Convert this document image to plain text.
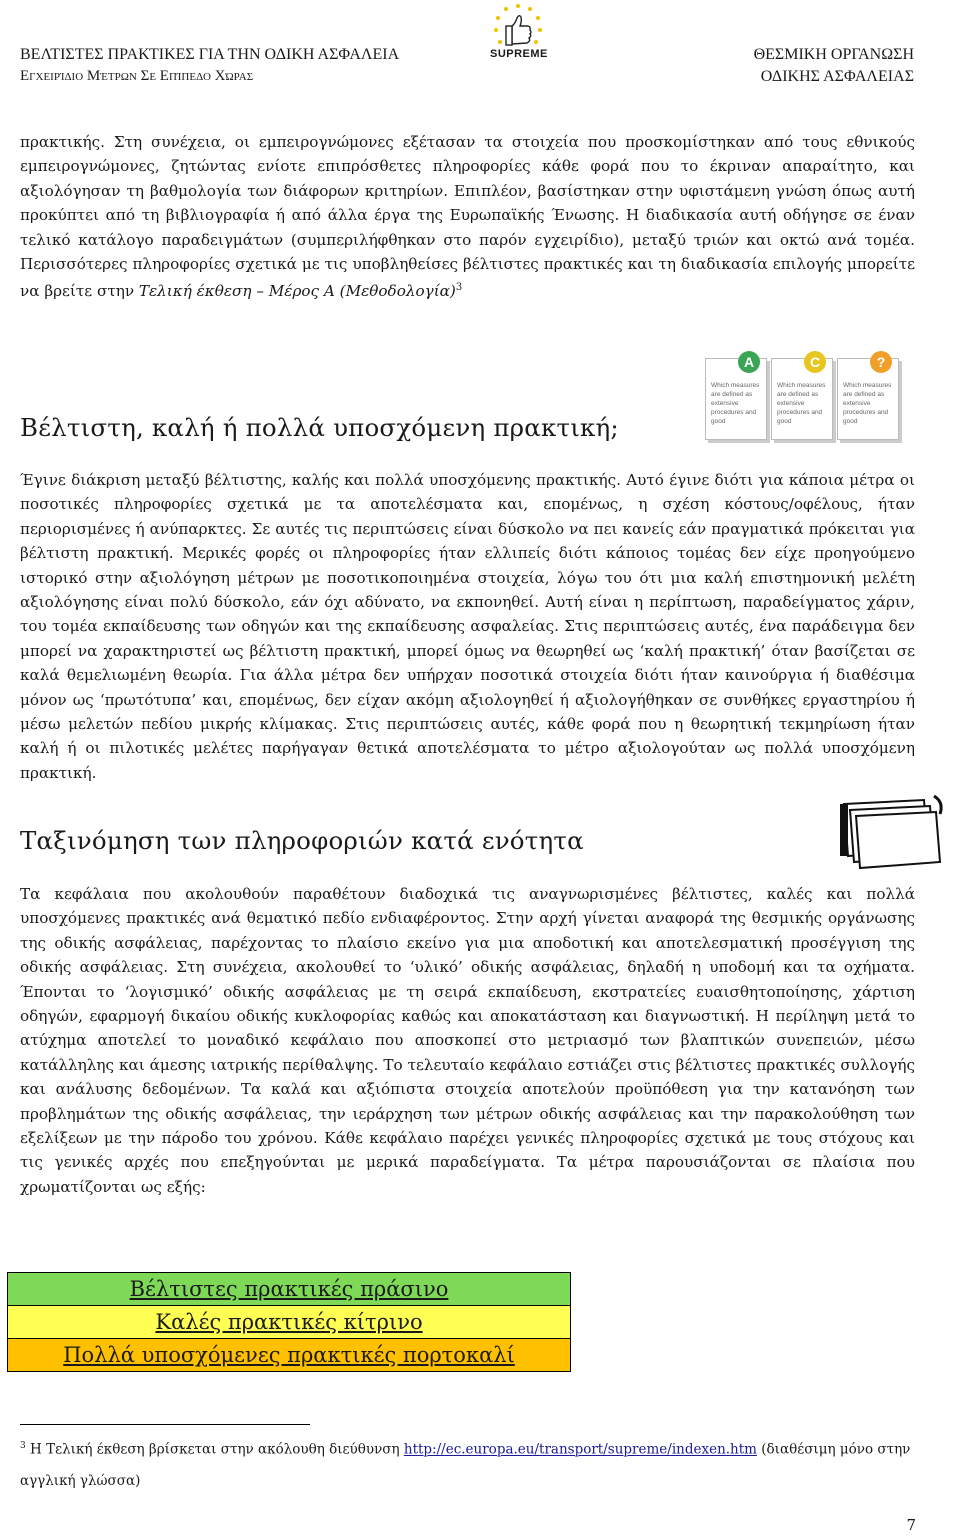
ΒΕΛΤΙΣΤΕΣ ΠΡΑΚΤΙΚΕΣ ΓΙΑ ΤΗΝ ΟΔΙΚΗ ΑΣΦΑΛΕΙΑ
Εγχειρίδιο Μέτρων Σε Επίπεδο Χώρας
SUPREME	ΘΕΣΜΙΚΗ ΟΡΓΑΝΩΣΗ
ΟΔΙΚΗΣ ΑΣΦΑΛΕΙΑΣ

πρακτικής. Στη συνέχεια, οι εμπειρογνώμονες εξέτασαν τα στοιχεία που προσκομίστηκαν από τους εθνικούς εμπειρογνώμονες, ζητώντας ενίοτε επιπρόσθετες πληροφορίες κάθε φορά που το έκριναν απαραίτητο, και αξιολόγησαν τη βαθμολογία των διάφορων κριτηρίων. Επιπλέον, βασίστηκαν στην υφιστάμενη γνώση όπως αυτή προκύπτει από τη βιβλιογραφία ή από άλλα έργα της Ευρωπαϊκής Ένωσης. Η διαδικασία αυτή οδήγησε σε έναν τελικό κατάλογο παραδειγμάτων (συμπεριλήφθηκαν στο παρόν εγχειρίδιο), μεταξύ τριών και οκτώ ανά τομέα. Περισσότερες πληροφορίες σχετικά με τις υποβληθείσες βέλτιστες πρακτικές και τη διαδικασία επιλογής μπορείτε να βρείτε στην Τελική έκθεση – Μέρος A $(M\varepsilon\theta o\delta o\lambda o\gamma ί\alpha)^3$

Βέλτιστη, καλή ή πολλά υποσχόμενη πρακτική;
A
Which measures are defined as extensive procedures and good
C
Which measures are defined as extensive procedures and good
?
Which measures are defined as extensive procedures and good

Έγινε διάκριση μεταξύ βέλτιστης, καλής και πολλά υποσχόμενης πρακτικής. Αυτό έγινε διότι για κάποια μέτρα οι ποσοτικές πληροφορίες σχετικά με τα αποτελέσματα και, επομένως, η σχέση κόστους/οφέλους, ήταν περιορισμένες ή ανύπαρκτες. Σε αυτές τις περιπτώσεις είναι δύσκολο να πει κανείς εάν πραγματικά πρόκειται για βέλτιστη πρακτική. Μερικές φορές οι πληροφορίες ήταν ελλιπείς διότι κάποιος τομέας δεν είχε προηγούμενο ιστορικό στην αξιολόγηση μέτρων με ποσοτικοποιημένα στοιχεία, λόγω του ότι μια καλή επιστημονική μελέτη αξιολόγησης είναι πολύ δύσκολο, εάν όχι αδύνατο, να εκπονηθεί. Αυτή είναι η περίπτωση, παραδείγματος χάριν, του τομέα εκπαίδευσης των οδηγών και της εκπαίδευσης ασφαλείας. Στις περιπτώσεις αυτές, ένα παράδειγμα δεν μπορεί να χαρακτηριστεί ως βέλτιστη πρακτική, μπορεί όμως να θεωρηθεί ως ‘καλή πρακτική’ όταν βασίζεται σε καλά θεμελιωμένη θεωρία. Για άλλα μέτρα δεν υπήρχαν ποσοτικά στοιχεία διότι ήταν καινούργια ή διαθέσιμα μόνον ως ‘πρωτότυπα’ και, επομένως, δεν είχαν ακόμη αξιολογηθεί ή αξιολογήθηκαν σε συνθήκες εργαστηρίου ή μέσω μελετών πεδίου μικρής κλίμακας. Στις περιπτώσεις αυτές, κάθε φορά που η θεωρητική τεκμηρίωση ήταν καλή ή οι πιλοτικές μελέτες παρήγαγαν θετικά αποτελέσματα το μέτρο αξιολογούταν ως πολλά υποσχόμενη πρακτική.

Ταξινόμηση των πληροφοριών κατά ενότητα

Τα κεφάλαια που ακολουθούν παραθέτουν διαδοχικά τις αναγνωρισμένες βέλτιστες, καλές και πολλά υποσχόμενες πρακτικές ανά θεματικό πεδίο ενδιαφέροντος. Στην αρχή γίνεται αναφορά της θεσμικής οργάνωσης της οδικής ασφάλειας, παρέχοντας το πλαίσιο εκείνο για μια αποδοτική και αποτελεσματική προσέγγιση της οδικής ασφάλειας. Στη συνέχεια, ακολουθεί το ‘υλικό’ οδικής ασφάλειας, δηλαδή η υποδομή και τα οχήματα. Έπονται το ‘λογισμικό’ οδικής ασφάλειας με τη σειρά εκπαίδευση, εκστρατείες ευαισθητοποίησης, χάρτιση οδηγών, εφαρμογή δικαίου οδικής κυκλοφορίας καθώς και αποκατάσταση και διαγνωστική. Η περίληψη μετά το ατύχημα αποτελεί το μοναδικό κεφάλαιο που αποσκοπεί στο μετριασμό των βλαπτικών συνεπειών, μέσω κατάλληλης και άμεσης ιατρικής περίθαλψης. Το τελευταίο κεφάλαιο εστιάζει στις βέλτιστες πρακτικές συλλογής και ανάλυσης δεδομένων. Τα καλά και αξιόπιστα στοιχεία αποτελούν προϋπόθεση για την κατανόηση των προβλημάτων της οδικής ασφάλειας, την ιεράρχηση των μέτρων οδικής ασφάλειας και την παρακολούθηση των εξελίξεων με την πάροδο του χρόνου. Κάθε κεφάλαιο παρέχει γενικές πληροφορίες σχετικά με τους στόχους και τις γενικές αρχές που επεξηγούνται με μερικά παραδείγματα. Τα μέτρα παρουσιάζονται σε πλαίσια που χρωματίζονται ως εξής:

Βέλτιστες πρακτικές πράσινο
Καλές πρακτικές κίτρινο
Πολλά υποσχόμενες πρακτικές πορτοκαλί
$^3$ Η Τελική έκθεση βρίσκεται στην ακόλουθη διεύθυνση http://ec.europa.eu/transport/supreme/indexen.htm (διαθέσιμη μόνο στην αγγλική γλώσσα)
7
